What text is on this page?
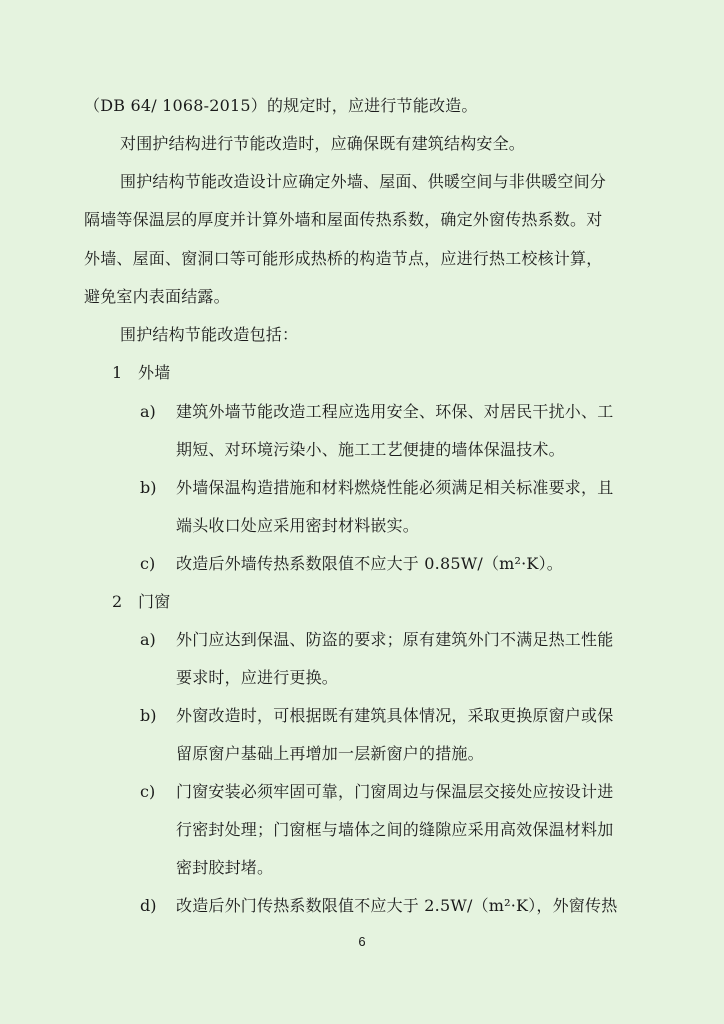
（DB 64/ 1068-2015）的规定时，应进行节能改造。
对围护结构进行节能改造时，应确保既有建筑结构安全。
围护结构节能改造设计应确定外墙、屋面、供暖空间与非供暖空间分
隔墙等保温层的厚度并计算外墙和屋面传热系数，确定外窗传热系数。对
外墙、屋面、窗洞口等可能形成热桥的构造节点，应进行热工校核计算，
避免室内表面结露。
围护结构节能改造包括：
1 外墙
a) 建筑外墙节能改造工程应选用安全、环保、对居民干扰小、工
期短、对环境污染小、施工工艺便捷的墙体保温技术。
b) 外墙保温构造措施和材料燃烧性能必须满足相关标准要求，且
端头收口处应采用密封材料嵌实。
c) 改造后外墙传热系数限值不应大于 0.85W/（m²·K）。
2 门窗
a) 外门应达到保温、防盗的要求；原有建筑外门不满足热工性能
要求时，应进行更换。
b) 外窗改造时，可根据既有建筑具体情况，采取更换原窗户或保
留原窗户基础上再增加一层新窗户的措施。
c) 门窗安装必须牢固可靠，门窗周边与保温层交接处应按设计进
行密封处理；门窗框与墙体之间的缝隙应采用高效保温材料加
密封胶封堵。
d) 改造后外门传热系数限值不应大于 2.5W/（m²·K），外窗传热
6
